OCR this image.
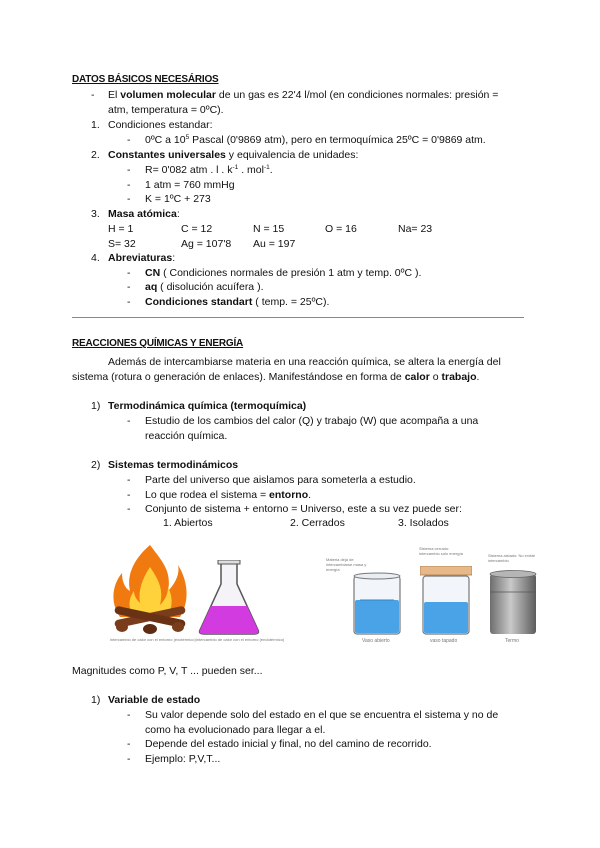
DATOS BÁSICOS NECESÁRIOS
- El volumen molecular de un gas es 22'4 l/mol (en condiciones normales: presión =
atm, temperatura = 0ºC).
1. Condiciones estandar:
- 0ºC a $10^5$ Pascal (0'9869 atm), pero en termoquímica 25ºC = 0'9869 atm.
2. Constantes universales y equivalencia de unidades:
- R= 0'082 atm . l . $k^{-1}$ . mol$^{-1}$.
- 1 atm = 760 mmHg
- K = 1ºC + 273
3. Masa atómica:
H = 1	C = 12	N = 15	O = 16	Na= 23
S= 32	Ag = 107'8 Au = 197
4. Abreviaturas:
- CN ( Condiciones normales de presión 1 atm y temp. 0ºC ).
- aq ( disolución acuífera ).
- Condiciones standart ( temp. = 25ºC).
REACCIONES QUÍMICAS Y ENERGÍA
Además de intercambiarse materia en una reacción química, se altera la energía del
sistema (rotura o generación de enlaces). Manifestándose en forma de calor o trabajo.
1) Termodinámica química (termoquímica)
- Estudio de los cambios del calor (Q) y trabajo (W) que acompaña a una
reacción química.
2) Sistemas termodinámicos
- Parte del universo que aislamos para someterla a estudio.
- Lo que rodea el sistema = entorno.
- Conjunto de sistema + entorno = Universo, este a su vez puede ser:
1. Abiertos	2. Cerrados	3. Isolados
intercambio de calor con el entorno (exotérmico) intercambio de calor con el entorno (endotérmico)
Materia deja de intercambiarse masa y energía
Vaso abierto
Sistema cerrado: intercambio solo energía
vaso tapado
Sistema aislado: No existe intercambio
Termo
Magnitudes como P, V, T ... pueden ser...
1) Variable de estado
- Su valor depende solo del estado en el que se encuentra el sistema y no de
como ha evolucionado para llegar a el.
- Depende del estado inicial y final, no del camino de recorrido.
- Ejemplo: P,V,T...
